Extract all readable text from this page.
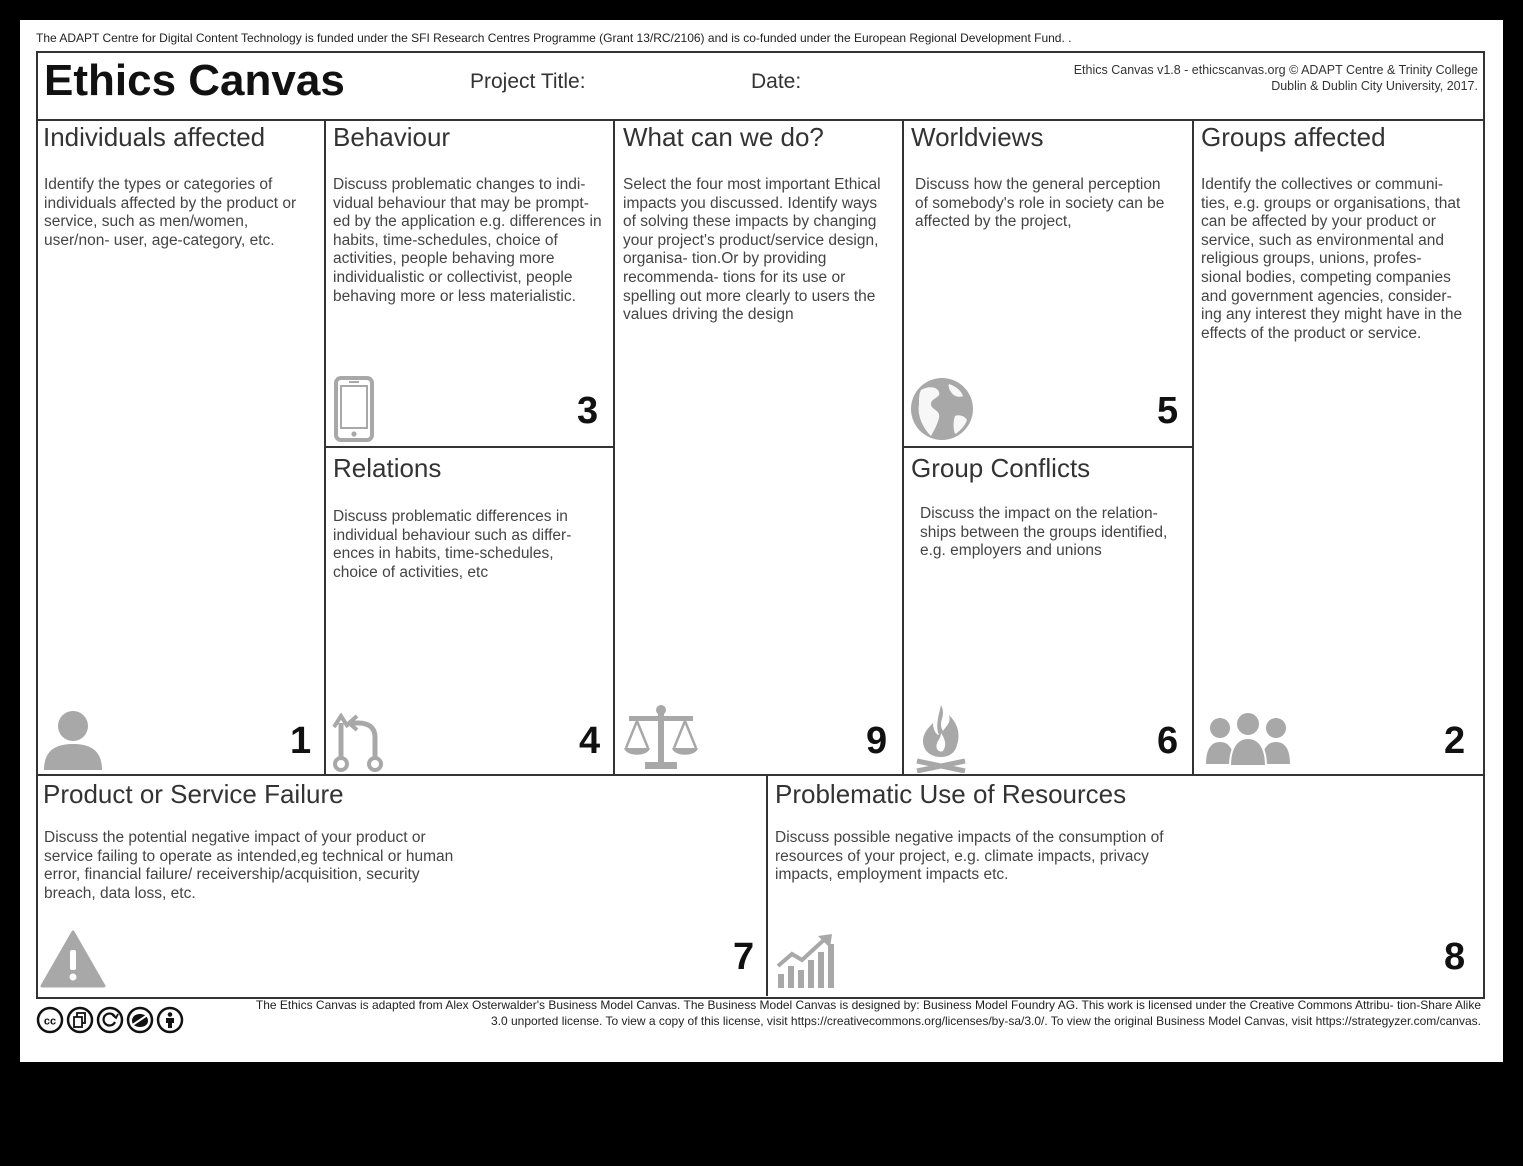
The ADAPT Centre for Digital Content Technology is funded under the SFI Research Centres Programme (Grant 13/RC/2106) and is co-funded under the European Regional Development Fund. .
Ethics Canvas	Project Title:	Date:	Ethics Canvas v1.8 - ethicscanvas.org © ADAPT Centre & Trinity College
Dublin & Dublin City University, 2017.
Individuals affected
Identify the types or categories of individuals affected by the product or service, such as men/women, user/non- user, age-category, etc.
1
Behaviour
Discuss problematic changes to indi- vidual behaviour that may be prompt- ed by the application e.g. differences in habits, time-schedules, choice of activities, people behaving more individualistic or collectivist, people behaving more or less materialistic.
3
Relations
Discuss problematic differences in individual behaviour such as differ- ences in habits, time-schedules, choice of activities, etc
4
What can we do?
Select the four most important Ethical impacts you discussed. Identify ways of solving these impacts by changing your project's product/service design, organisa- tion.Or by providing recommenda- tions for its use or spelling out more clearly to users the values driving the design
9
Worldviews
Discuss how the general perception of somebody's role in society can be affected by the project,
5
Group Conflicts
Discuss the impact on the relation- ships between the groups identified, e.g. employers and unions
6
Groups affected
Identify the collectives or communi- ties, e.g. groups or organisations, that can be affected by your product or service, such as environmental and religious groups, unions, profes- sional bodies, competing companies and government agencies, consider- ing any interest they might have in the effects of the product or service.
2
Product or Service Failure
Discuss the potential negative impact of your product or service failing to operate as intended,eg technical or human error, financial failure/ receivership/acquisition, security breach, data loss, etc.
7
Problematic Use of Resources
Discuss possible negative impacts of the consumption of resources of your project, e.g. climate impacts, privacy impacts, employment impacts etc.
8
cc
The Ethics Canvas is adapted from Alex Osterwalder's Business Model Canvas. The Business Model Canvas is designed by: Business Model Foundry AG. This work is licensed under the Creative Commons Attribu- tion-Share Alike 3.0 unported license. To view a copy of this license, visit https://creativecommons.org/licenses/by-sa/3.0/. To view the original Business Model Canvas, visit https://strategyzer.com/canvas.
